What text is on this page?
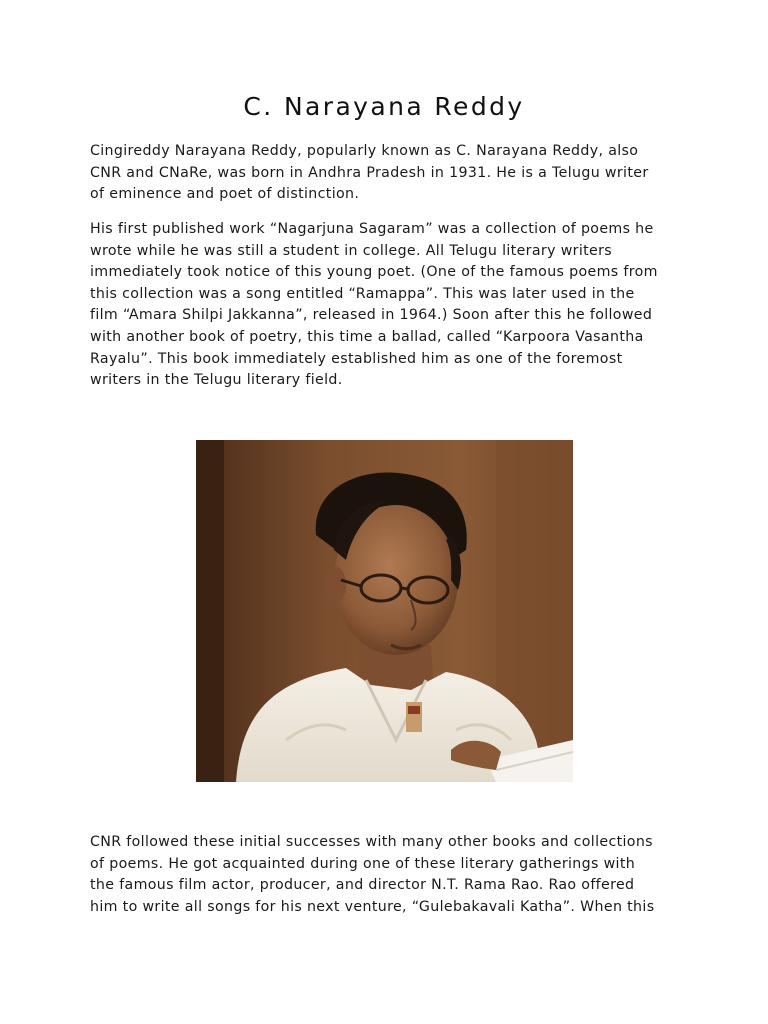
C. Narayana Reddy

Cingireddy Narayana Reddy, popularly known as C. Narayana Reddy, also
CNR and CNaRe, was born in Andhra Pradesh in 1931. He is a Telugu writer
of eminence and poet of distinction.

His first published work “Nagarjuna Sagaram” was a collection of poems he
wrote while he was still a student in college. All Telugu literary writers
immediately took notice of this young poet. (One of the famous poems from
this collection was a song entitled “Ramappa”. This was later used in the
film “Amara Shilpi Jakkanna”, released in 1964.) Soon after this he followed
with another book of poetry, this time a ballad, called “Karpoora Vasantha
Rayalu”. This book immediately established him as one of the foremost
writers in the Telugu literary field.

CNR followed these initial successes with many other books and collections
of poems. He got acquainted during one of these literary gatherings with
the famous film actor, producer, and director N.T. Rama Rao. Rao offered
him to write all songs for his next venture, “Gulebakavali Katha”. When this
